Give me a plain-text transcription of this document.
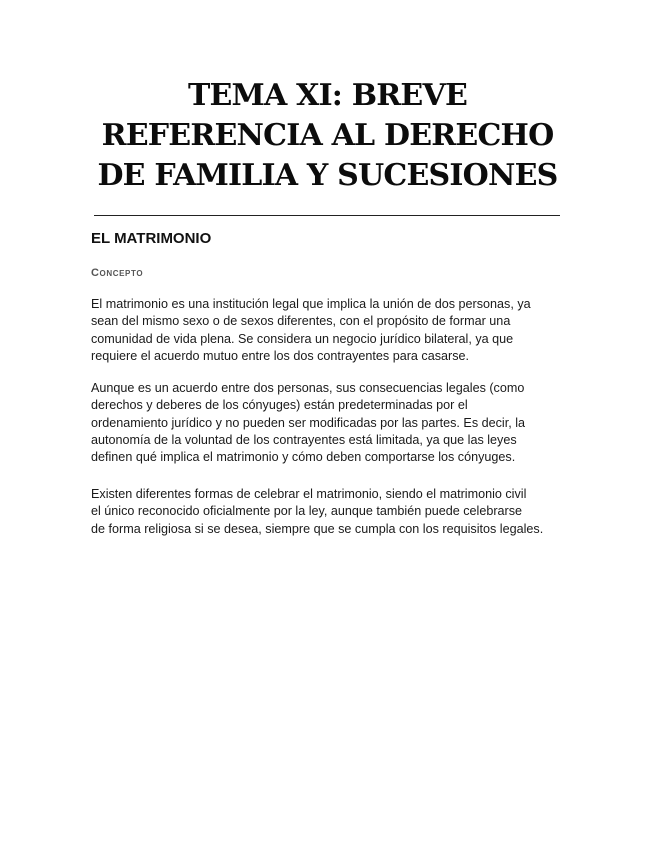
TEMA XI: BREVE
REFERENCIA AL DERECHO
DE FAMILIA Y SUCESIONES
EL MATRIMONIO
Concepto

El matrimonio es una institución legal que implica la unión de dos personas, ya
sean del mismo sexo o de sexos diferentes, con el propósito de formar una
comunidad de vida plena. Se considera un negocio jurídico bilateral, ya que
requiere el acuerdo mutuo entre los dos contrayentes para casarse.

Aunque es un acuerdo entre dos personas, sus consecuencias legales (como
derechos y deberes de los cónyuges) están predeterminadas por el
ordenamiento jurídico y no pueden ser modificadas por las partes. Es decir, la
autonomía de la voluntad de los contrayentes está limitada, ya que las leyes
definen qué implica el matrimonio y cómo deben comportarse los cónyuges.

Existen diferentes formas de celebrar el matrimonio, siendo el matrimonio civil
el único reconocido oficialmente por la ley, aunque también puede celebrarse
de forma religiosa si se desea, siempre que se cumpla con los requisitos legales.
